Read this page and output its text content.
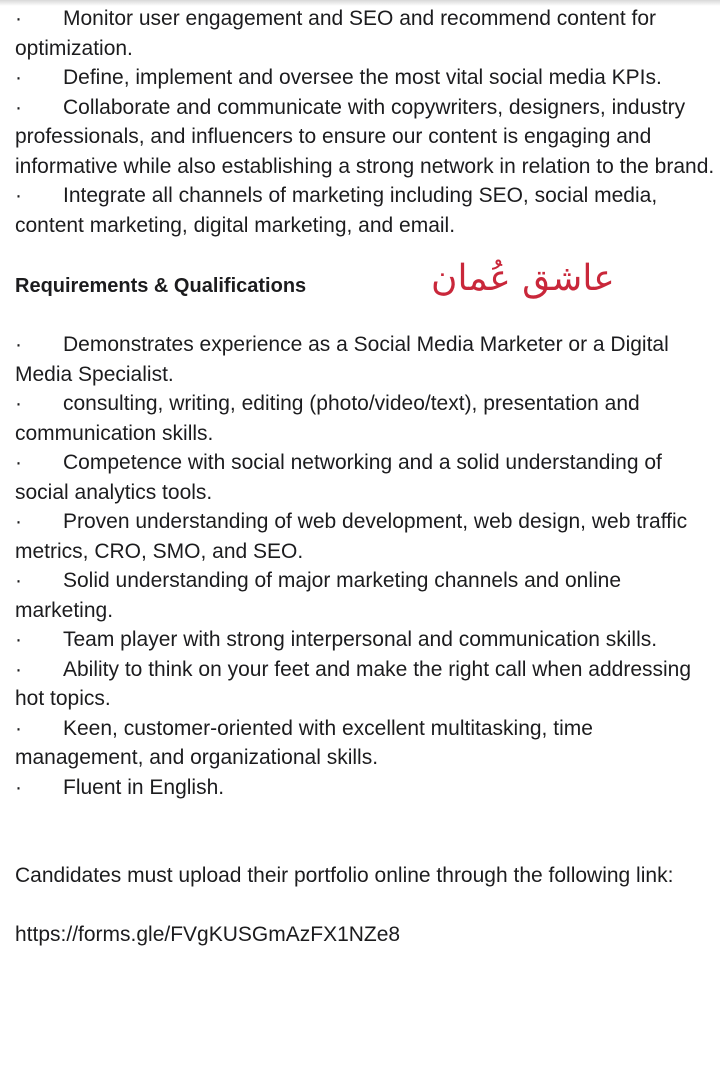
· Monitor user engagement and SEO and recommend content for optimization.

· Define, implement and oversee the most vital social media KPIs.

· Collaborate and communicate with copywriters, designers, industry professionals, and influencers to ensure our content is engaging and informative while also establishing a strong network in relation to the brand.

· Integrate all channels of marketing including SEO, social media, content marketing, digital marketing, and email.

Requirements & Qualifications	عاشق عُمان

· Demonstrates experience as a Social Media Marketer or a Digital Media Specialist.

· consulting, writing, editing (photo/video/text), presentation and communication skills.

· Competence with social networking and a solid understanding of social analytics tools.

· Proven understanding of web development, web design, web traffic metrics, CRO, SMO, and SEO.

· Solid understanding of major marketing channels and online marketing.

· Team player with strong interpersonal and communication skills.

· Ability to think on your feet and make the right call when addressing hot topics.

· Keen, customer-oriented with excellent multitasking, time management, and organizational skills.

· Fluent in English.

Candidates must upload their portfolio online through the following link:

https://forms.gle/FVgKUSGmAzFX1NZe8
